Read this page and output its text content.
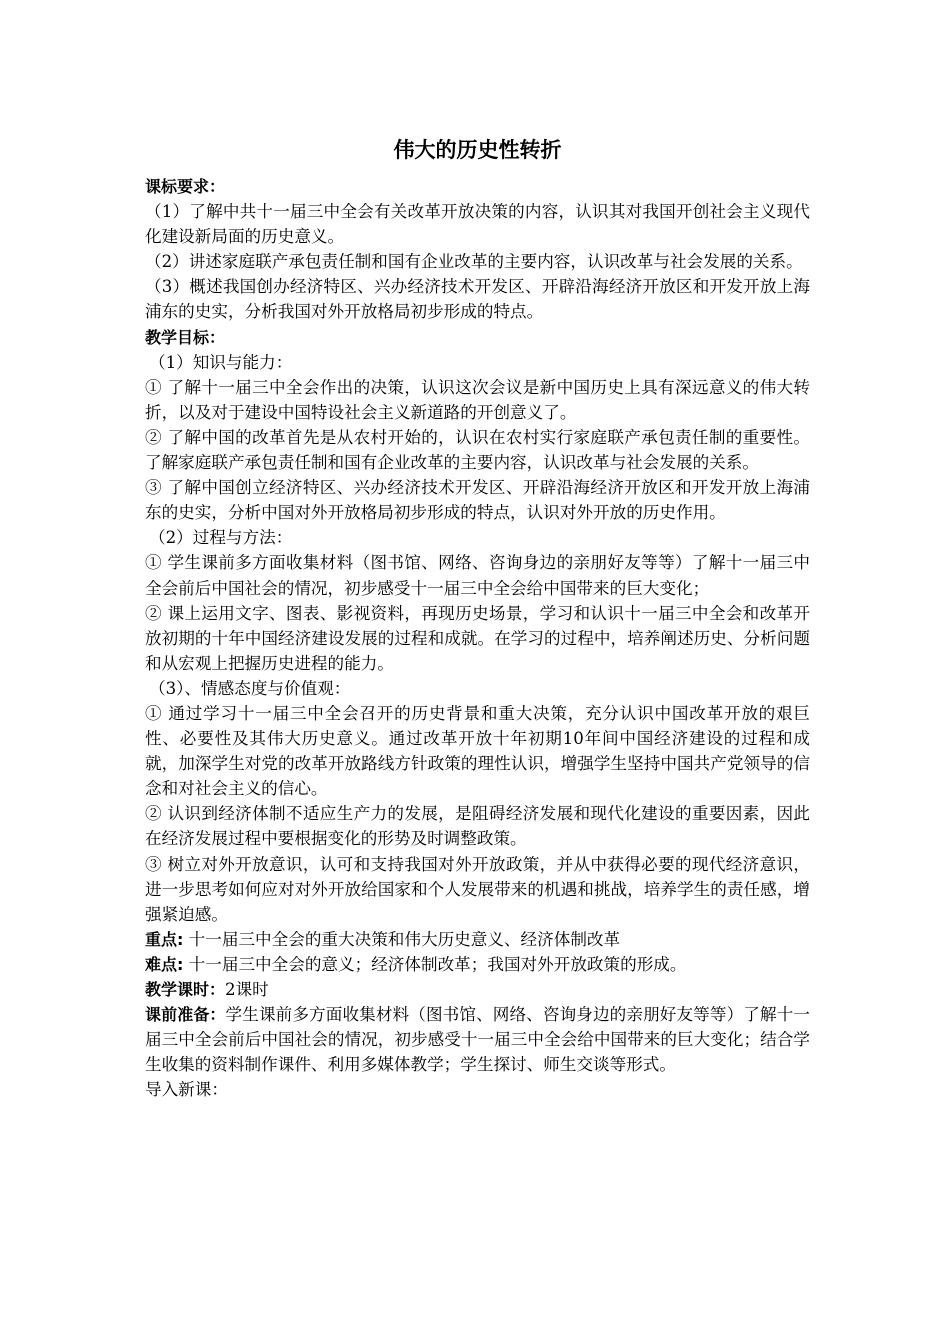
伟大的历史性转折

课标要求：

（1）了解中共十一届三中全会有关改革开放决策的内容，认识其对我国开创社会主义现代化建设新局面的历史意义。

（2）讲述家庭联产承包责任制和国有企业改革的主要内容，认识改革与社会发展的关系。

（3）概述我国创办经济特区、兴办经济技术开发区、开辟沿海经济开放区和开发开放上海浦东的史实，分析我国对外开放格局初步形成的特点。

教学目标：

（1）知识与能力：

① 了解十一届三中全会作出的决策，认识这次会议是新中国历史上具有深远意义的伟大转折，以及对于建设中国特设社会主义新道路的开创意义了。

② 了解中国的改革首先是从农村开始的，认识在农村实行家庭联产承包责任制的重要性。了解家庭联产承包责任制和国有企业改革的主要内容，认识改革与社会发展的关系。

③ 了解中国创立经济特区、兴办经济技术开发区、开辟沿海经济开放区和开发开放上海浦东的史实，分析中国对外开放格局初步形成的特点，认识对外开放的历史作用。

（2）过程与方法：

① 学生课前多方面收集材料（图书馆、网络、咨询身边的亲朋好友等等）了解十一届三中全会前后中国社会的情况，初步感受十一届三中全会给中国带来的巨大变化；

② 课上运用文字、图表、影视资料，再现历史场景，学习和认识十一届三中全会和改革开放初期的十年中国经济建设发展的过程和成就。在学习的过程中，培养阐述历史、分析问题和从宏观上把握历史进程的能力。

（3）、情感态度与价值观：

① 通过学习十一届三中全会召开的历史背景和重大决策，充分认识中国改革开放的艰巨性、必要性及其伟大历史意义。通过改革开放十年初期10年间中国经济建设的过程和成就，加深学生对党的改革开放路线方针政策的理性认识，增强学生坚持中国共产党领导的信念和对社会主义的信心。

② 认识到经济体制不适应生产力的发展，是阻碍经济发展和现代化建设的重要因素，因此在经济发展过程中要根据变化的形势及时调整政策。

③ 树立对外开放意识，认可和支持我国对外开放政策，并从中获得必要的现代经济意识，进一步思考如何应对对外开放给国家和个人发展带来的机遇和挑战，培养学生的责任感，增强紧迫感。

重点: 十一届三中全会的重大决策和伟大历史意义、经济体制改革

难点: 十一届三中全会的意义；经济体制改革；我国对外开放政策的形成。

教学课时：2课时

课前准备：学生课前多方面收集材料（图书馆、网络、咨询身边的亲朋好友等等）了解十一届三中全会前后中国社会的情况，初步感受十一届三中全会给中国带来的巨大变化；结合学生收集的资料制作课件、利用多媒体教学；学生探讨、师生交谈等形式。

导入新课：
